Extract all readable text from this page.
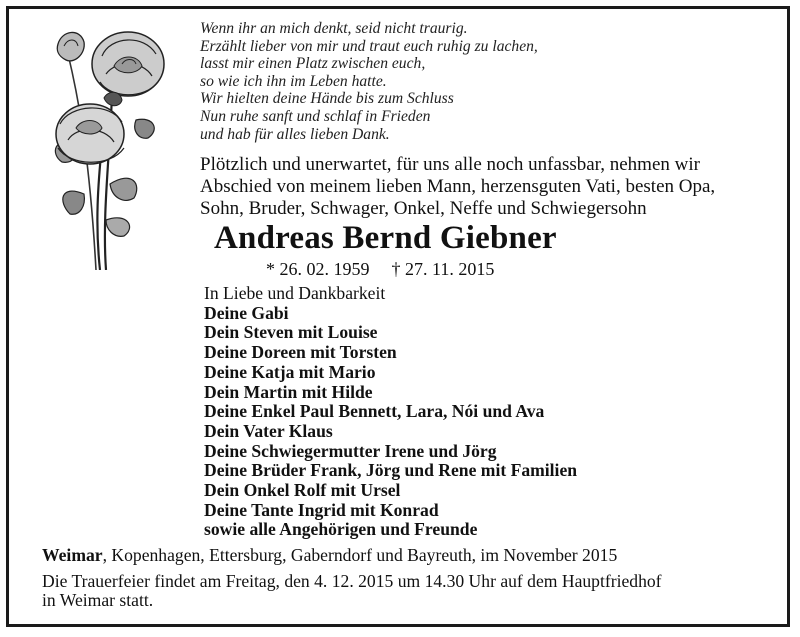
Wenn ihr an mich denkt, seid nicht traurig.
Erzählt lieber von mir und traut euch ruhig zu lachen,
lasst mir einen Platz zwischen euch,
so wie ich ihn im Leben hatte.
Wir hielten deine Hände bis zum Schluss
Nun ruhe sanft und schlaf in Frieden
und hab für alles lieben Dank.
Plötzlich und unerwartet, für uns alle noch unfassbar, nehmen wir
Abschied von meinem lieben Mann, herzensguten Vati, besten Opa,
Sohn, Bruder, Schwager, Onkel, Neffe und Schwiegersohn
Andreas Bernd Giebner
* 26. 02. 1959 † 27. 11. 2015
In Liebe und Dankbarkeit
Deine Gabi
Dein Steven mit Louise
Deine Doreen mit Torsten
Deine Katja mit Mario
Dein Martin mit Hilde
Deine Enkel Paul Bennett, Lara, Nói und Ava
Dein Vater Klaus
Deine Schwiegermutter Irene und Jörg
Deine Brüder Frank, Jörg und Rene mit Familien
Dein Onkel Rolf mit Ursel
Deine Tante Ingrid mit Konrad
sowie alle Angehörigen und Freunde
Weimar, Kopenhagen, Ettersburg, Gaberndorf und Bayreuth, im November 2015
Die Trauerfeier findet am Freitag, den 4. 12. 2015 um 14.30 Uhr auf dem Hauptfriedhof
in Weimar statt.
